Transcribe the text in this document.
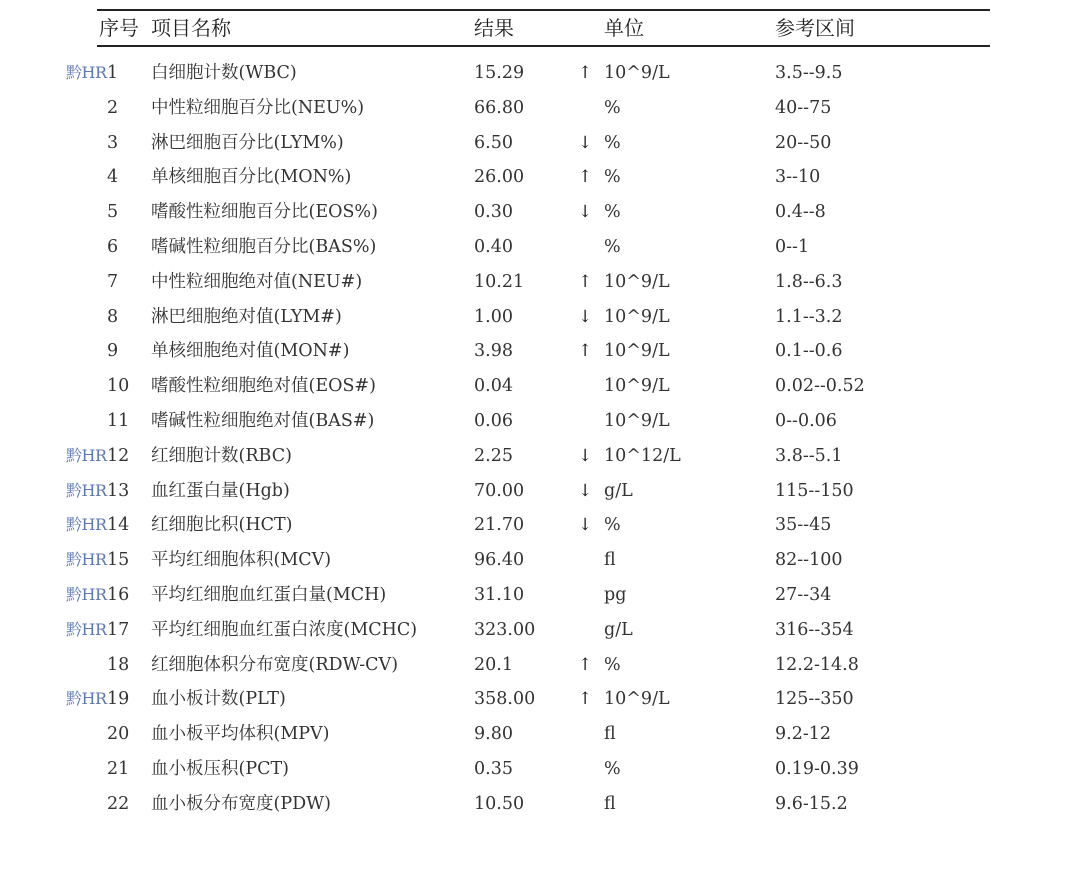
序号 项目名称	结果	单位	参考区间
黔HR 1 白细胞计数(WBC)	15.29	↑ 10^9/L	3.5--9.5
2 中性粒细胞百分比(NEU%)	66.80	%	40--75
3 淋巴细胞百分比(LYM%)	6.50	↓ %	20--50
4 单核细胞百分比(MON%)	26.00	↑ %	3--10
5 嗜酸性粒细胞百分比(EOS%)	0.30	↓ %	0.4--8
6 嗜碱性粒细胞百分比(BAS%)	0.40	%	0--1
7 中性粒细胞绝对值(NEU#)	10.21	↑ 10^9/L	1.8--6.3
8 淋巴细胞绝对值(LYM#)	1.00	↓ 10^9/L	1.1--3.2
9 单核细胞绝对值(MON#)	3.98	↑ 10^9/L	0.1--0.6
10 嗜酸性粒细胞绝对值(EOS#)	0.04	10^9/L	0.02--0.52
11 嗜碱性粒细胞绝对值(BAS#)	0.06	10^9/L	0--0.06
黔HR 12 红细胞计数(RBC)	2.25	↓ 10^12/L	3.8--5.1
黔HR 13 血红蛋白量(Hgb)	70.00	↓ g/L	115--150
黔HR 14 红细胞比积(HCT)	21.70	↓ %	35--45
黔HR 15 平均红细胞体积(MCV)	96.40	fl	82--100
黔HR 16 平均红细胞血红蛋白量(MCH)	31.10	pg	27--34
黔HR 17 平均红细胞血红蛋白浓度(MCHC)	323.00	g/L	316--354
18 红细胞体积分布宽度(RDW-CV)	20.1	↑ %	12.2-14.8
黔HR 19 血小板计数(PLT)	358.00	↑ 10^9/L	125--350
20 血小板平均体积(MPV)	9.80	fl	9.2-12
21 血小板压积(PCT)	0.35	%	0.19-0.39
22 血小板分布宽度(PDW)	10.50	fl	9.6-15.2
